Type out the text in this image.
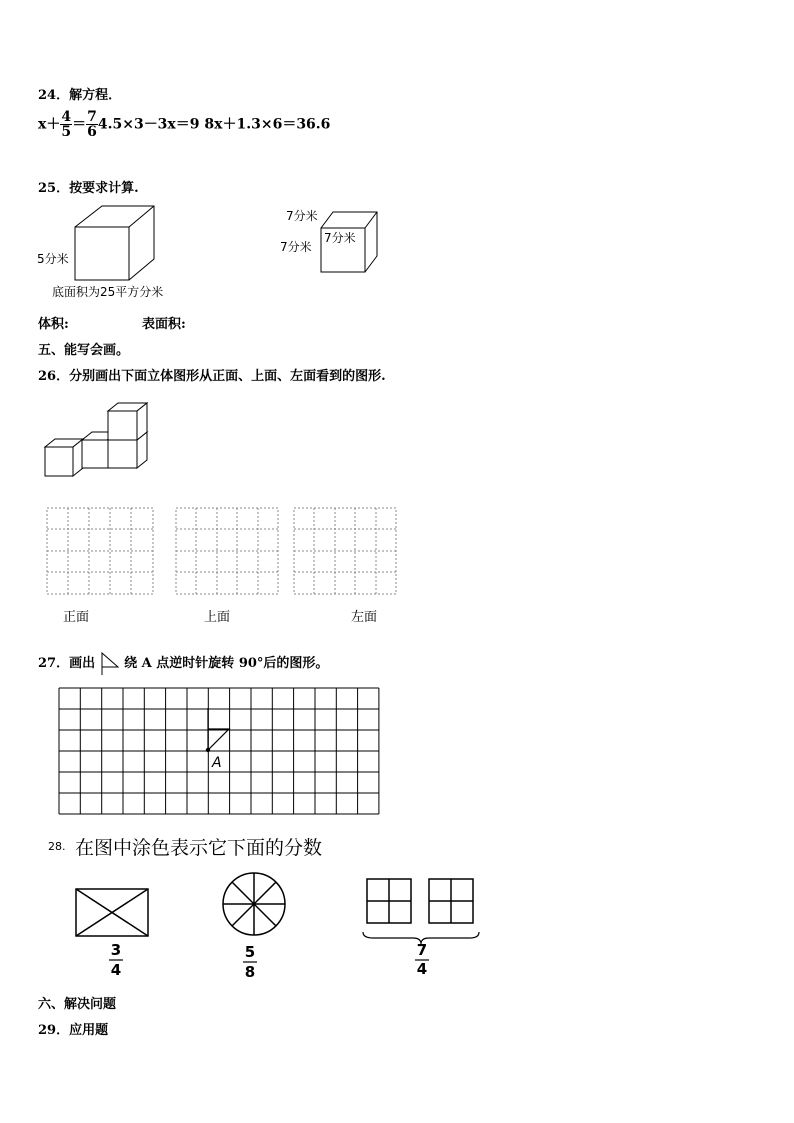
24．解方程．
$x+ \frac{4}{5} = \frac{7}{6} 4.5\times 3-3x=9$ 8x＋1.3×6＝36.6
25．按要求计算.
5分米
底面积为25平方分米
7分米
7分米
7分米
体积:	表面积:
五、能写会画。
26．分别画出下面立体图形从正面、上面、左面看到的图形.
正面	上面	左面
27．画出 绕 A 点逆时针旋转 90°后的图形。
A
28. 在图中涂色表示它下面的分数
3
4
5
8
7
4
六、解决问题
29．应用题
